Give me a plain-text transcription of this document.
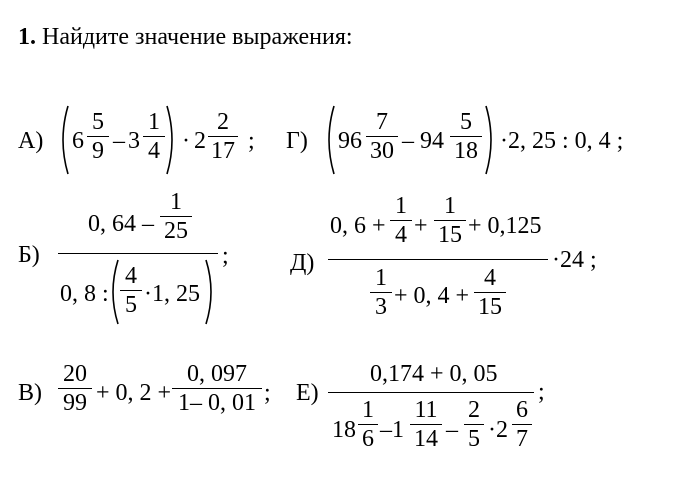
1. Найдите значение выражения:
А) 6
5
9 – 3
1
4 · 2
2
17 ; Г) 96
7
30 – 94
5
18 ·2, 25 : 0, 4 ;
Б)
0, 64 –
1
25
0, 8 :
4
5 ·1, 25
;	Д)
0, 6 +
1
4 +
1
15 + 0,125
1
3 + 0, 4 +
4
15
·24 ;
В)
20
99 + 0, 2 +
0, 097
1– 0, 01 ; Е)
0,174 + 0, 05
18
1
6 –1
11
14 –
2
5 ·2
6
7
;
